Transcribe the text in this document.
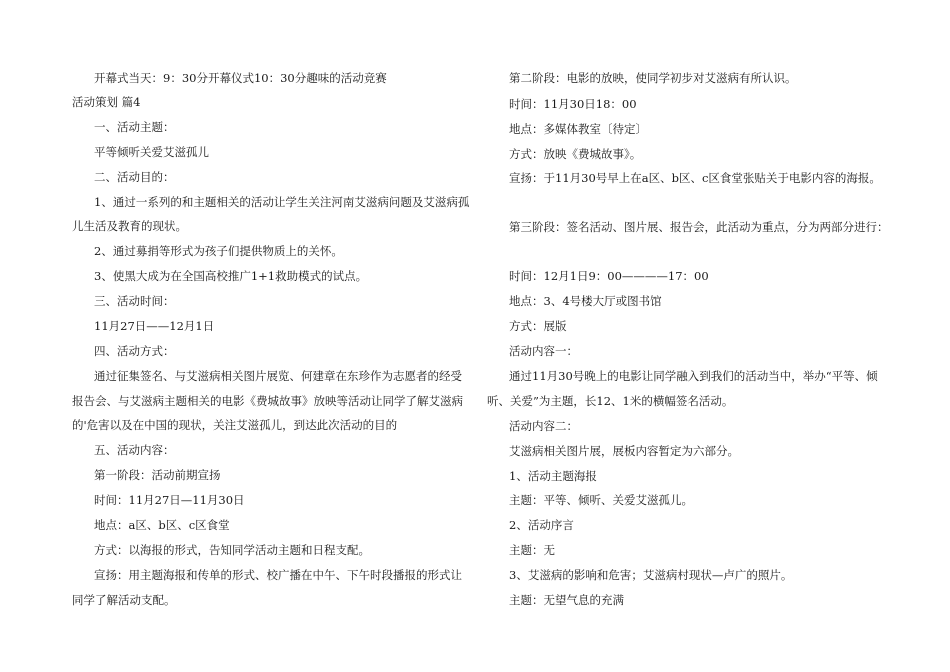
开幕式当天：9：30分开幕仪式10：30分趣味的活动竞赛
活动策划 篇4
一、活动主题：
平等倾听关爱艾滋孤儿
二、活动目的：
1、通过一系列的和主题相关的活动让学生关注河南艾滋病问题及艾滋病孤
儿生活及教育的现状。
2、通过募捐等形式为孩子们提供物质上的关怀。
3、使黑大成为在全国高校推广1+1救助模式的试点。
三、活动时间：
11月27日——12月1日
四、活动方式：
通过征集签名、与艾滋病相关图片展览、何建章在东珍作为志愿者的经受
报告会、与艾滋病主题相关的电影《费城故事》放映等活动让同学了解艾滋病
的'危害以及在中国的现状，关注艾滋孤儿，到达此次活动的目的
五、活动内容：
第一阶段：活动前期宣扬
时间：11月27日—11月30日
地点：a区、b区、c区食堂
方式：以海报的形式，告知同学活动主题和日程支配。
宣扬：用主题海报和传单的形式、校广播在中午、下午时段播报的形式让
同学了解活动支配。
第二阶段：电影的放映，使同学初步对艾滋病有所认识。
时间：11月30日18：00
地点：多媒体教室〔待定〕
方式：放映《费城故事》。
宣扬：于11月30号早上在a区、b区、c区食堂张贴关于电影内容的海报。
第三阶段：签名活动、图片展、报告会，此活动为重点，分为两部分进行：
时间：12月1日9：00————17：00
地点：3、4号楼大厅或图书馆
方式：展版
活动内容一：
通过11月30号晚上的电影让同学融入到我们的活动当中，举办“平等、倾
听、关爱”为主题，长12、1米的横幅签名活动。
活动内容二：
艾滋病相关图片展，展板内容暂定为六部分。
1、活动主题海报
主题：平等、倾听、关爱艾滋孤儿。
2、活动序言
主题：无
3、艾滋病的影响和危害；艾滋病村现状—卢广的照片。
主题：无望气息的充满
